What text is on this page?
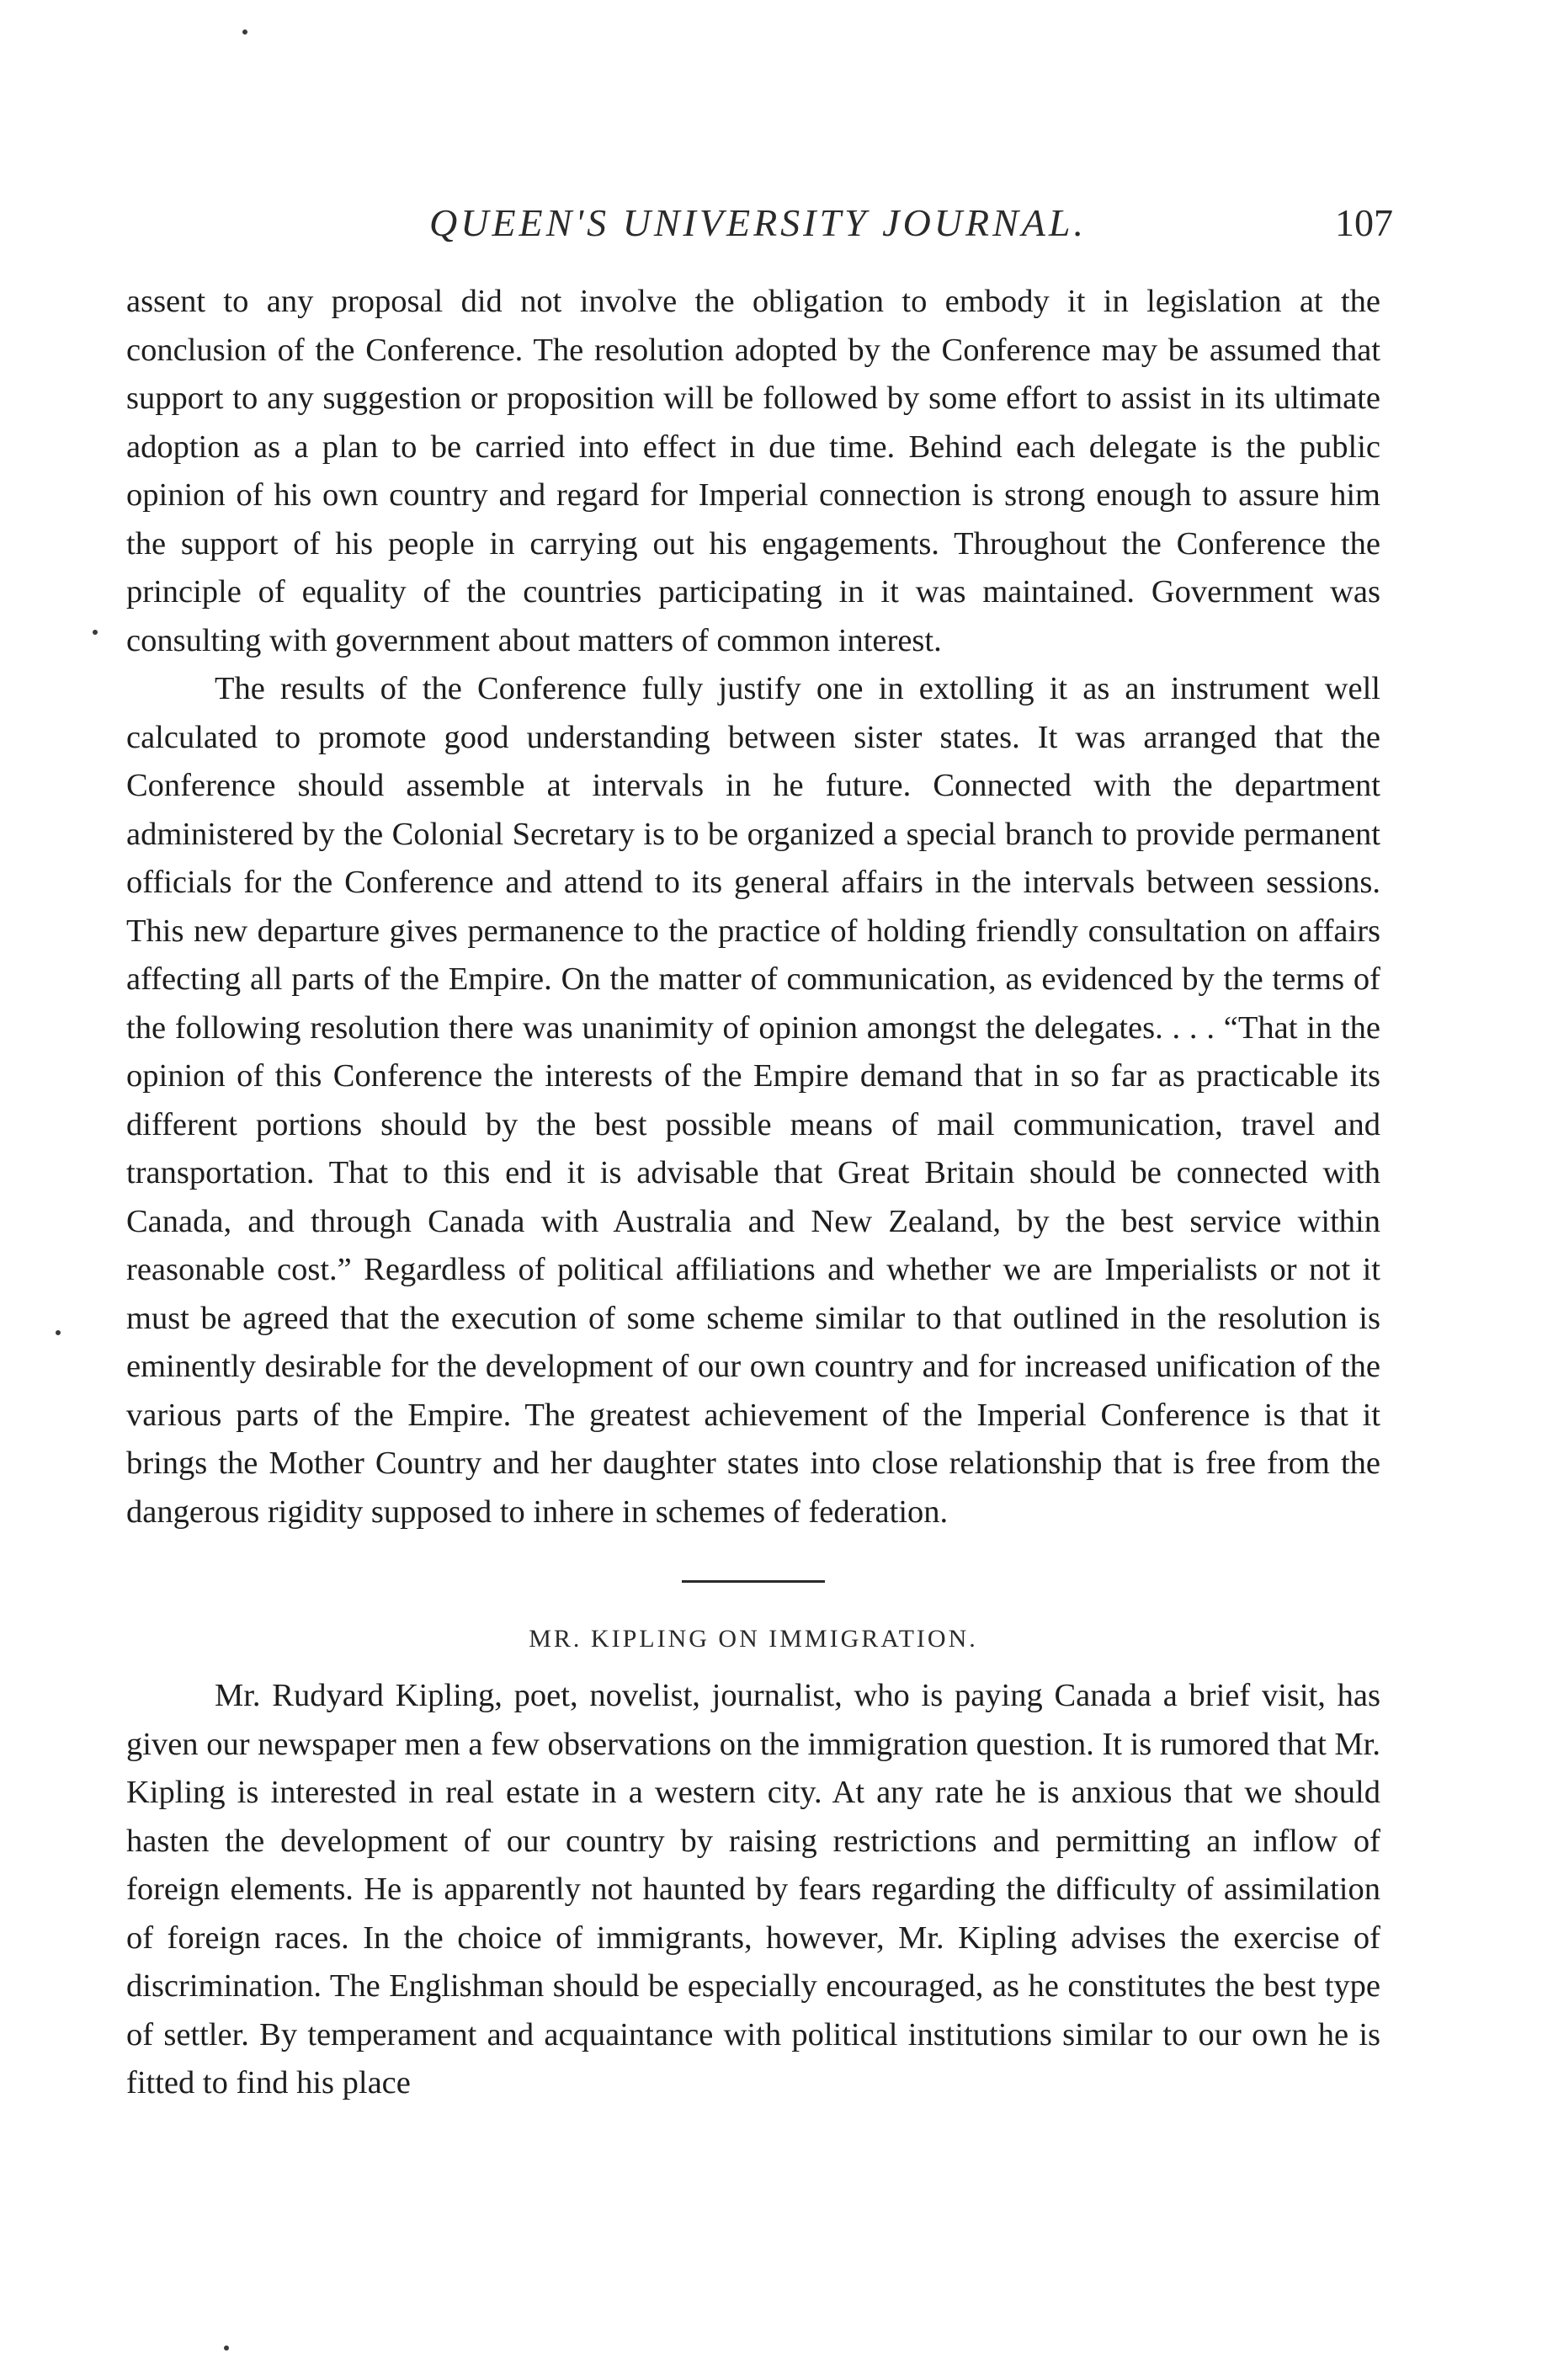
QUEEN'S UNIVERSITY JOURNAL.	107

assent to any proposal did not involve the obligation to embody it in legislation at the conclusion of the Conference. The resolution adopted by the Conference may be assumed that support to any suggestion or proposition will be followed by some effort to assist in its ultimate adoption as a plan to be carried into effect in due time. Behind each delegate is the public opinion of his own country and regard for Imperial connection is strong enough to assure him the support of his people in carrying out his engagements. Throughout the Conference the principle of equality of the countries participating in it was maintained. Government was consulting with government about matters of common interest.

The results of the Conference fully justify one in extolling it as an instrument well calculated to promote good understanding between sister states. It was arranged that the Conference should assemble at intervals in he future. Connected with the department administered by the Colonial Secretary is to be organized a special branch to provide permanent officials for the Conference and attend to its general affairs in the intervals between sessions. This new departure gives permanence to the practice of holding friendly consultation on affairs affecting all parts of the Empire. On the matter of communication, as evidenced by the terms of the following resolution there was unanimity of opinion amongst the delegates. . . . “That in the opinion of this Conference the interests of the Empire demand that in so far as practicable its different portions should by the best possible means of mail communication, travel and transportation. That to this end it is advisable that Great Britain should be connected with Canada, and through Canada with Australia and New Zealand, by the best service within reasonable cost.” Regardless of political affiliations and whether we are Imperialists or not it must be agreed that the execution of some scheme similar to that outlined in the resolution is eminently desirable for the development of our own country and for increased unification of the various parts of the Empire. The greatest achievement of the Imperial Conference is that it brings the Mother Country and her daughter states into close relationship that is free from the dangerous rigidity supposed to inhere in schemes of federation.

MR. KIPLING ON IMMIGRATION.

Mr. Rudyard Kipling, poet, novelist, journalist, who is paying Canada a brief visit, has given our newspaper men a few observations on the immigration question. It is rumored that Mr. Kipling is interested in real estate in a western city. At any rate he is anxious that we should hasten the development of our country by raising restrictions and permitting an inflow of foreign elements. He is apparently not haunted by fears regarding the difficulty of assimilation of foreign races. In the choice of immigrants, however, Mr. Kipling advises the exercise of discrimination. The Englishman should be especially encouraged, as he constitutes the best type of settler. By temperament and acquaintance with political institutions similar to our own he is fitted to find his place
